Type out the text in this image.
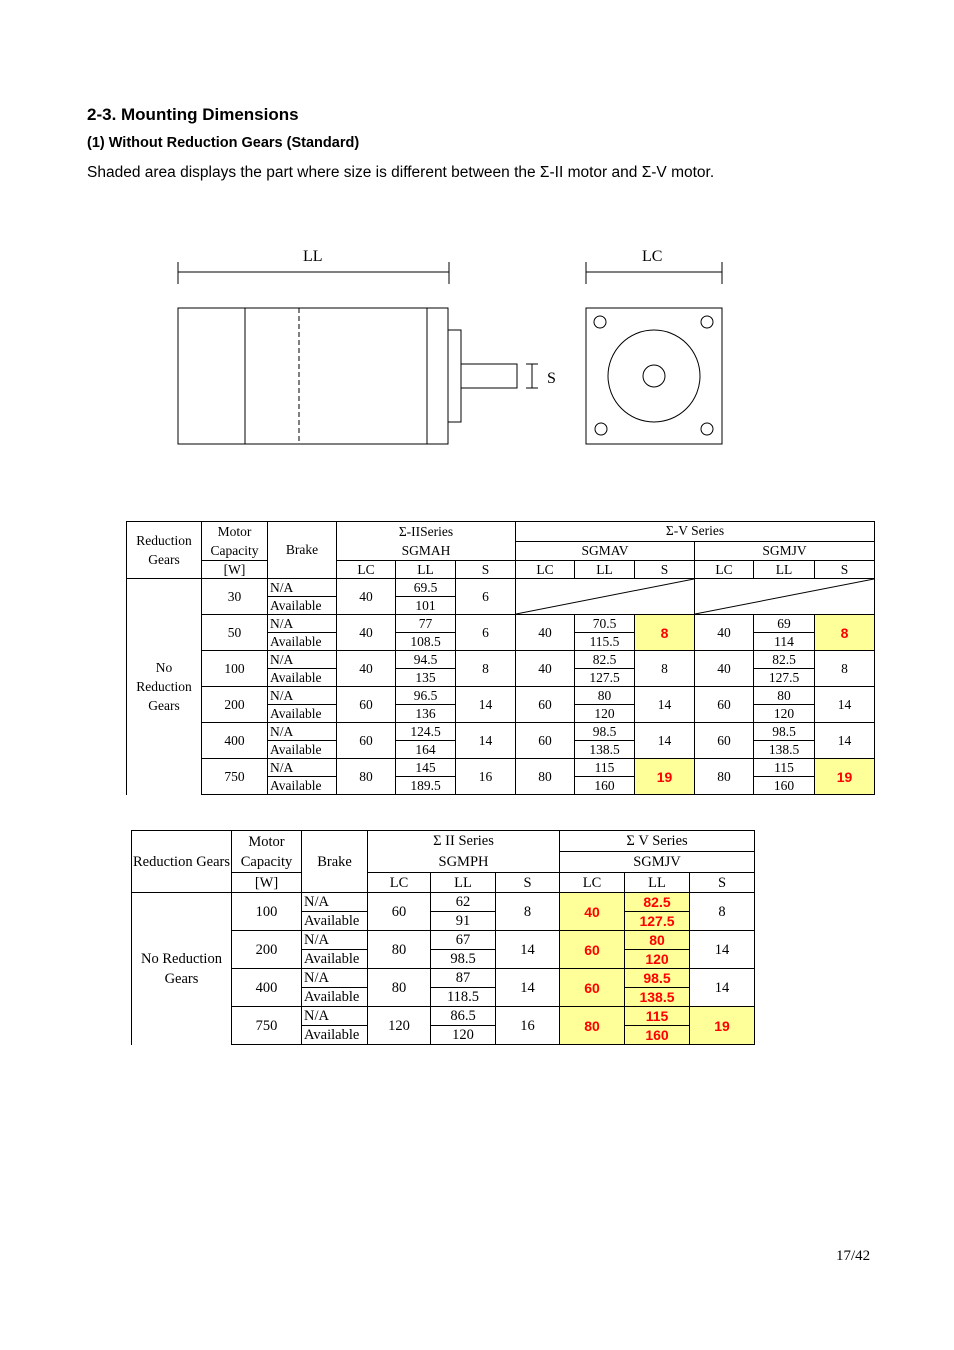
2-3. Mounting Dimensions
(1) Without Reduction Gears (Standard)
Shaded area displays the part where size is different between the Σ-II motor and Σ-V motor.
LL	LC
S
Reduction Gears	Motor Capacity	Brake	Σ-IISeries			Σ-V Series					
			SGMAH			SGMAV			SGMJV		
	[W]		LC	LL	S	LC	LL	S	LC	LL	S
No Reduction Gears	30	N/A	40	69.5	6	

		Available		101							
	50	N/A	40	77	6	40	70.5	8	40	69	8
		Available		108.5			115.5			114	
	100	N/A	40	94.5	8	40	82.5	8	40	82.5	8
		Available		135			127.5			127.5	
	200	N/A	60	96.5	14	60	80	14	60	80	14
		Available		136			120			120	
	400	N/A	60	124.5	14	60	98.5	14	60	98.5	14
		Available		164			138.5			138.5	
	750	N/A	80	145	16	80	115	19	80	115	19
		Available		189.5			160			160	
Reduction Gears	Motor Capacity	Brake	Σ II Series			Σ V Series		
			SGMPH			SGMJV		
	[W]		LC	LL	S	LC	LL	S
No Reduction Gears	100	N/A	60	62	8	40	82.5	8
		Available		91			127.5	
	200	N/A	80	67	14	60	80	14
		Available		98.5			120	
	400	N/A	80	87	14	60	98.5	14
		Available		118.5			138.5	
	750	N/A	120	86.5	16	80	115	19
		Available		120			160	
17/42
